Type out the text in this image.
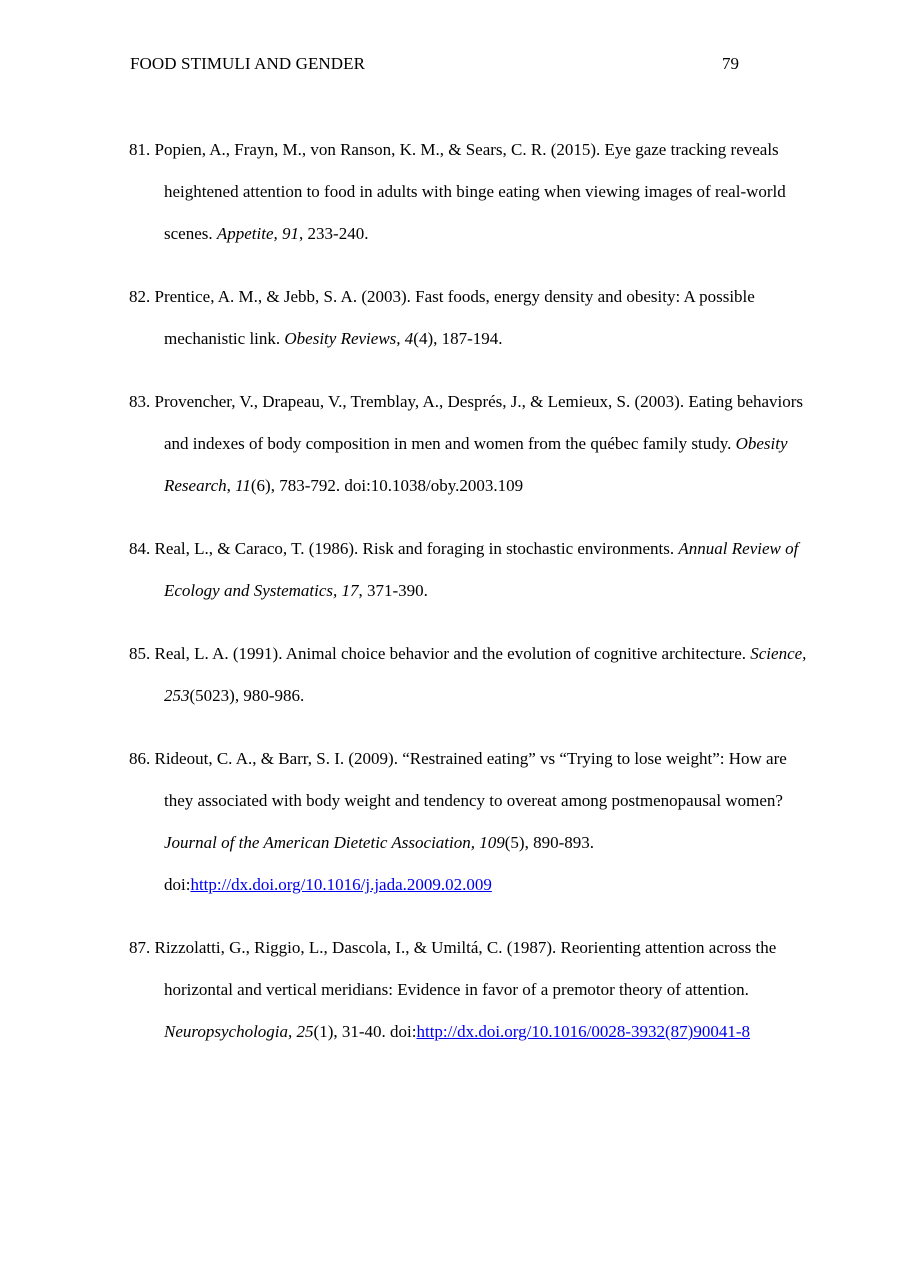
FOOD STIMULI AND GENDER	79
81. Popien, A., Frayn, M., von Ranson, K. M., & Sears, C. R. (2015). Eye gaze tracking reveals heightened attention to food in adults with binge eating when viewing images of real-world scenes. Appetite, 91, 233-240.
82. Prentice, A. M., & Jebb, S. A. (2003). Fast foods, energy density and obesity: A possible mechanistic link. Obesity Reviews, 4(4), 187-194.
83. Provencher, V., Drapeau, V., Tremblay, A., Després, J., & Lemieux, S. (2003). Eating behaviors and indexes of body composition in men and women from the québec family study. Obesity Research, 11(6), 783-792. doi:10.1038/oby.2003.109
84. Real, L., & Caraco, T. (1986). Risk and foraging in stochastic environments. Annual Review of Ecology and Systematics, 17, 371-390.
85. Real, L. A. (1991). Animal choice behavior and the evolution of cognitive architecture. Science, 253(5023), 980-986.
86. Rideout, C. A., & Barr, S. I. (2009). “Restrained eating” vs “Trying to lose weight”: How are they associated with body weight and tendency to overeat among postmenopausal women? Journal of the American Dietetic Association, 109(5), 890-893. doi:http://dx.doi.org/10.1016/j.jada.2009.02.009
87. Rizzolatti, G., Riggio, L., Dascola, I., & Umiltá, C. (1987). Reorienting attention across the horizontal and vertical meridians: Evidence in favor of a premotor theory of attention. Neuropsychologia, 25(1), 31-40. doi:http://dx.doi.org/10.1016/0028-3932(87)90041-8
